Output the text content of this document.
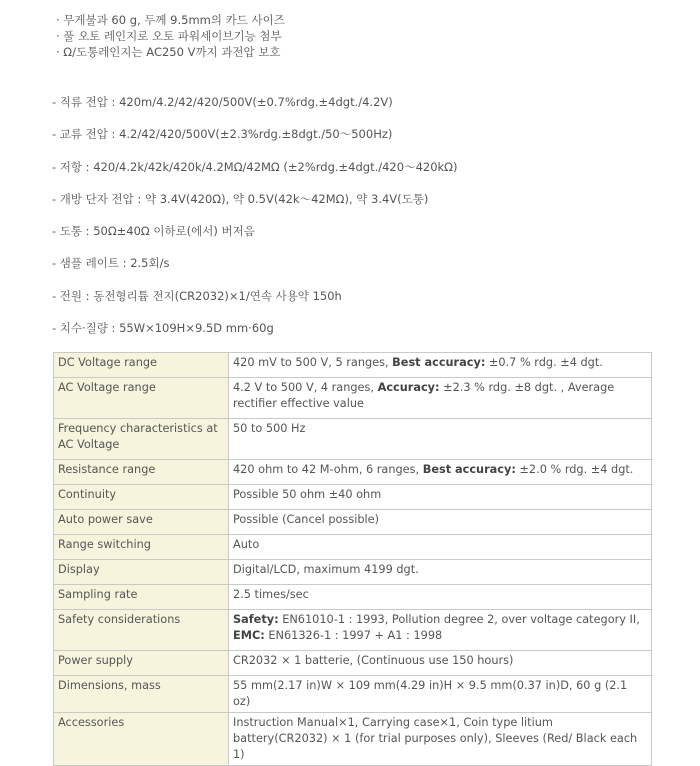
· 무게불과 60 g, 두께 9.5mm의 카드 사이즈
· 풀 오토 레인지로 오토 파워세이브기능 첨부
· Ω/도통레인지는 AC250 V까지 과전압 보호
- 직류 전압 : 420m/4.2/42/420/500V(±0.7%rdg.±4dgt./4.2V)
- 교류 전압 : 4.2/42/420/500V(±2.3%rdg.±8dgt./50～500Hz)
- 저항 : 420/4.2k/42k/420k/4.2MΩ/42MΩ (±2%rdg.±4dgt./420～420kΩ)
- 개방 단자 전압 : 약 3.4V(420Ω), 약 0.5V(42k～42MΩ), 약 3.4V(도통)
- 도통 : 50Ω±40Ω 이하로(에서) 버저음
- 샘플 레이트 : 2.5회/s
- 전원 : 동전형리튬 전지(CR2032)×1/연속 사용약 150h
- 치수·질량 : 55W×109H×9.5D mm·60g
DC Voltage range	420 mV to 500 V, 5 ranges, Best accuracy: ±0.7 % rdg. ±4 dgt.
AC Voltage range	4.2 V to 500 V, 4 ranges, Accuracy: ±2.3 % rdg. ±8 dgt. , Average rectifier effective value
Frequency characteristics at AC Voltage	50 to 500 Hz
Resistance range	420 ohm to 42 M-ohm, 6 ranges, Best accuracy: ±2.0 % rdg. ±4 dgt.
Continuity	Possible 50 ohm ±40 ohm
Auto power save	Possible (Cancel possible)
Range switching	Auto
Display	Digital/LCD, maximum 4199 dgt.
Sampling rate	2.5 times/sec
Safety considerations	Safety: EN61010-1 : 1993, Pollution degree 2, over voltage category II,
EMC: EN61326-1 : 1997 + A1 : 1998
Power supply	CR2032 × 1 batterie, (Continuous use 150 hours)
Dimensions, mass	55 mm(2.17 in)W × 109 mm(4.29 in)H × 9.5 mm(0.37 in)D, 60 g (2.1 oz)
Accessories	Instruction Manual×1, Carrying case×1, Coin type litium battery(CR2032) × 1 (for trial purposes only), Sleeves (Red/ Black each 1)
